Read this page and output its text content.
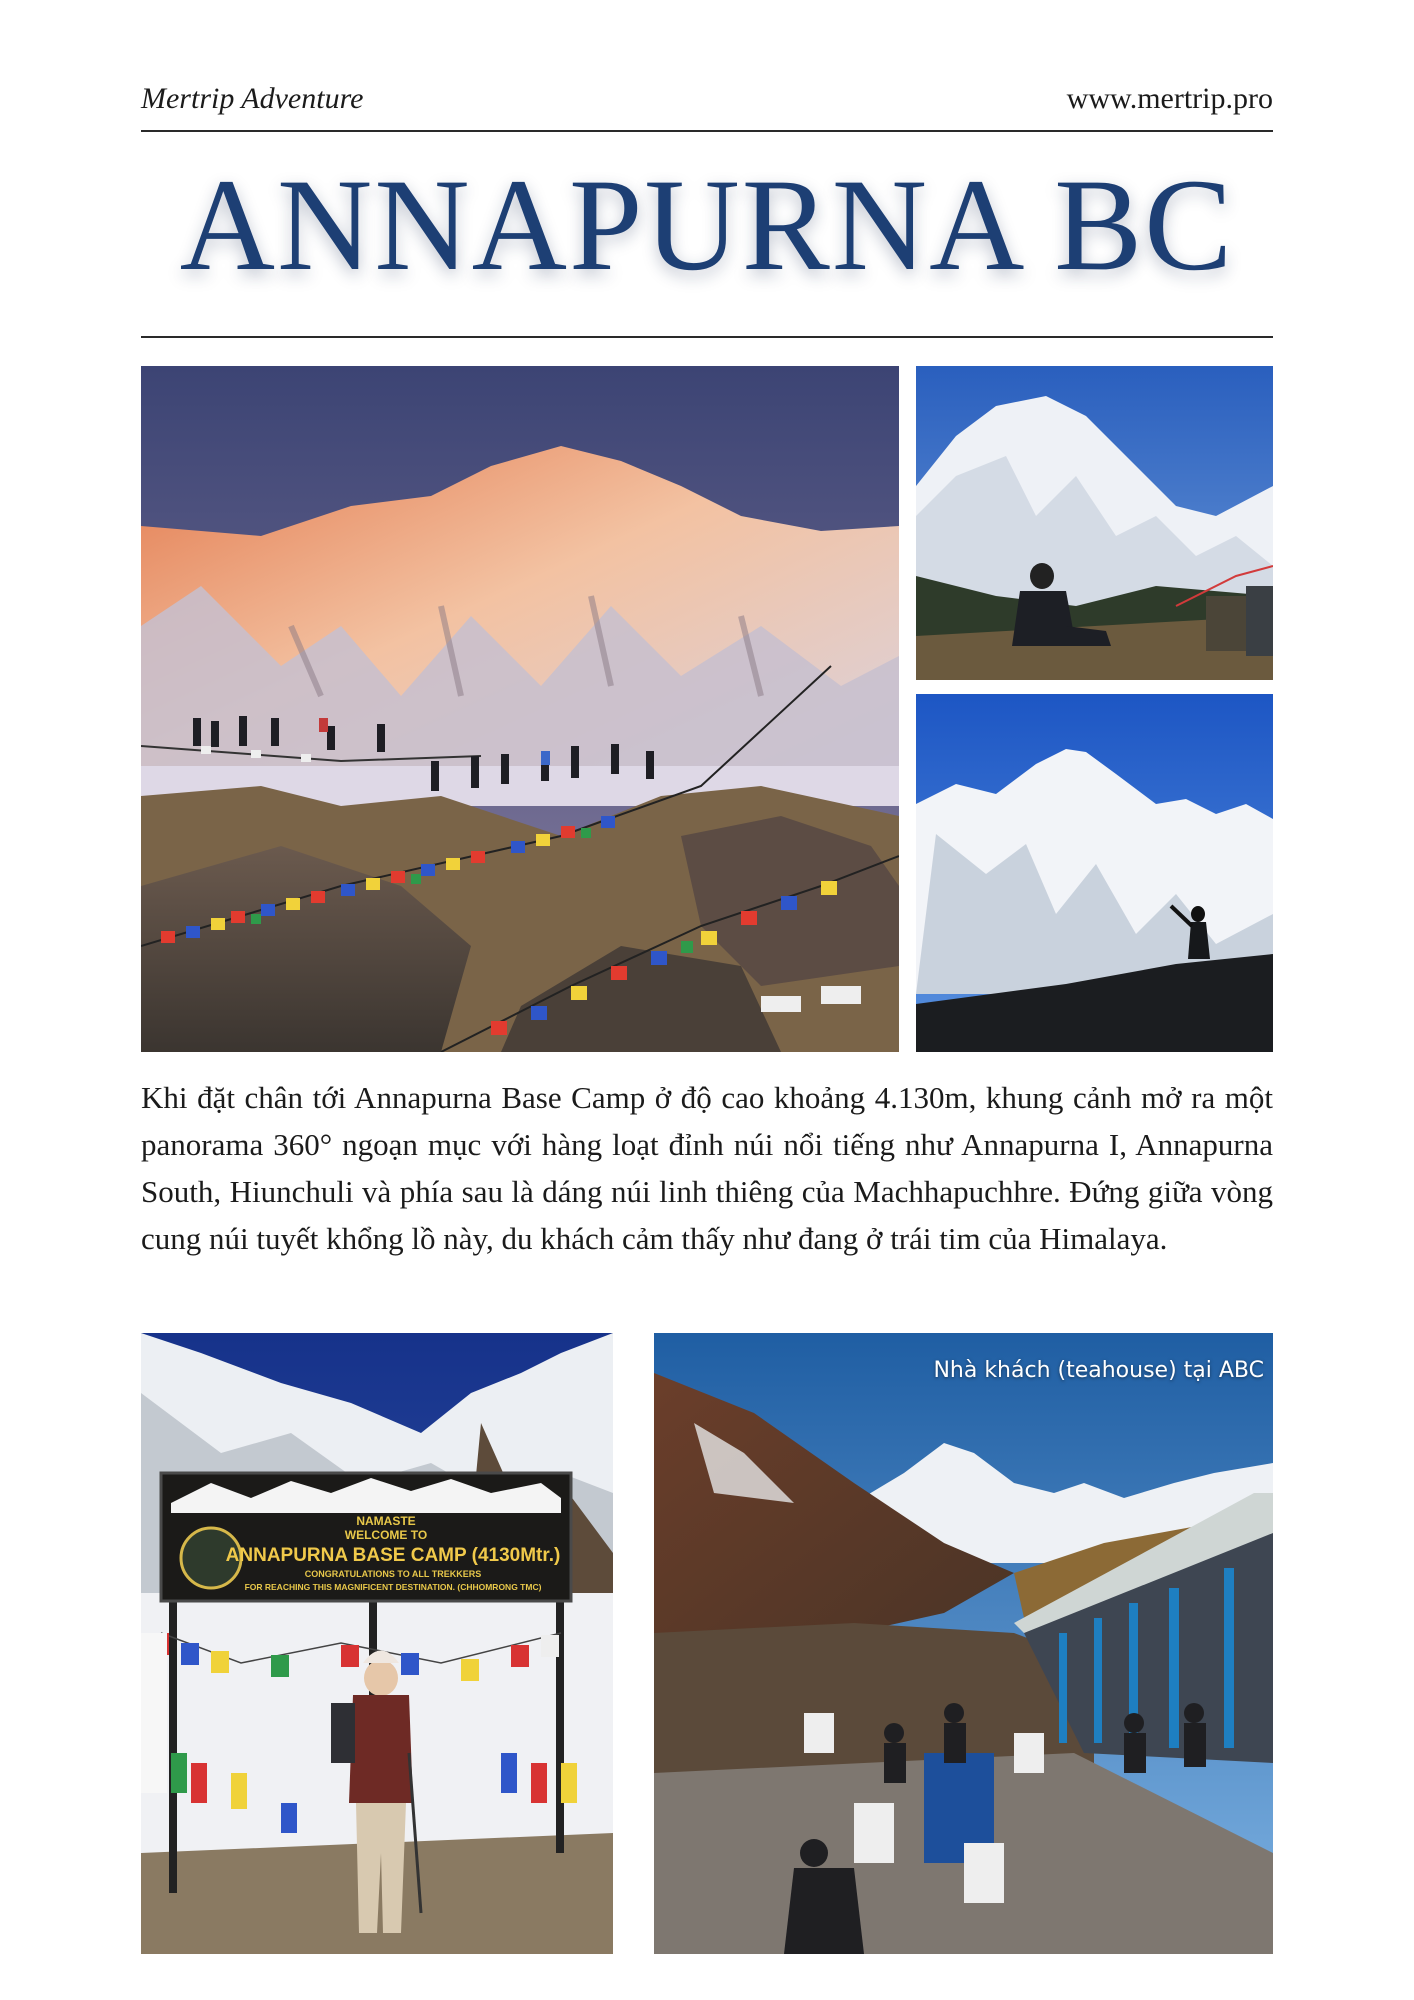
Mertrip Adventure	www.mertrip.pro
ANNAPURNA BC
Khi đặt chân tới Annapurna Base Camp ở độ cao khoảng 4.130m, khung cảnh mở ra một panorama 360° ngoạn mục với hàng loạt đỉnh núi nổi tiếng như Annapurna I, Annapurna South, Hiunchuli và phía sau là dáng núi linh thiêng của Machhapuchhre. Đứng giữa vòng cung núi tuyết khổng lồ này, du khách cảm thấy như đang ở trái tim của Himalaya.
NAMASTE
WELCOME TO
ANNAPURNA BASE CAMP (4130Mtr.)
CONGRATULATIONS TO ALL TREKKERS
FOR REACHING THIS MAGNIFICENT DESTINATION. (CHHOMRONG TMC)
Nhà khách (teahouse) tại ABC
